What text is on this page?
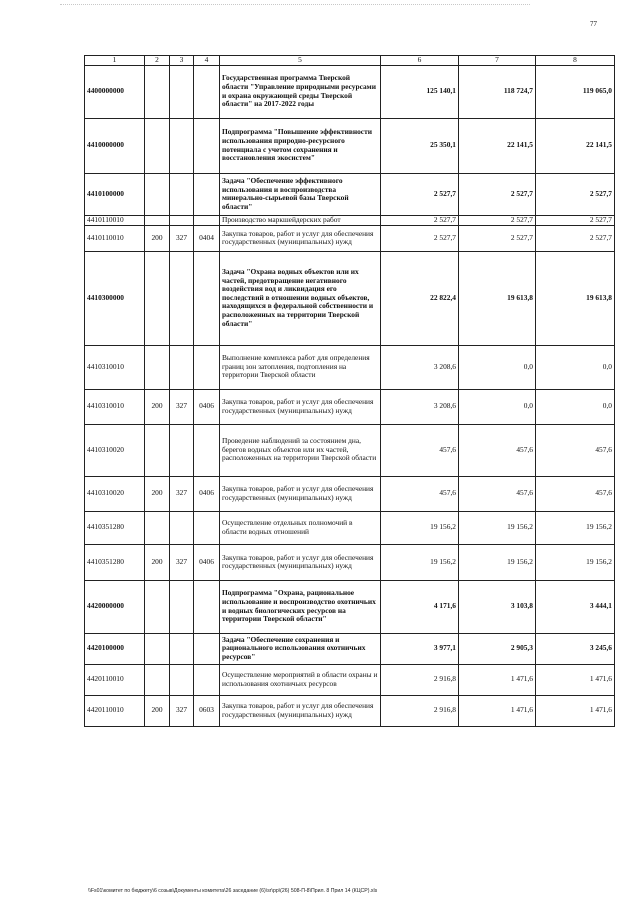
77
1	2	3	4	5	6	7	8
4400000000				Государственная программа Тверской области "Управление природными ресурсами и охрана окружающей среды Тверской области" на 2017-2022 годы	125 140,1	118 724,7	119 065,0
4410000000				Подпрограмма "Повышение эффективности использования природно-ресурсного потенциала с учетом сохранения и восстановления экосистем"	25 350,1	22 141,5	22 141,5
4410100000				Задача "Обеспечение эффективного использования и воспроизводства минерально-сырьевой базы Тверской области"	2 527,7	2 527,7	2 527,7
4410110010				Производство маркшейдерских работ	2 527,7	2 527,7	2 527,7
4410110010	200	327	0404	Закупка товаров, работ и услуг для обеспечения государственных (муниципальных) нужд	2 527,7	2 527,7	2 527,7
4410300000				Задача "Охрана водных объектов или их частей, предотвращение негативного воздействия вод и ликвидация его последствий в отношении водных объектов, находящихся в федеральной собственности и расположенных на территории Тверской области"	22 822,4	19 613,8	19 613,8
4410310010				Выполнение комплекса работ для определения границ зон затопления, подтопления на территории Тверской области	3 208,6	0,0	0,0
4410310010	200	327	0406	Закупка товаров, работ и услуг для обеспечения государственных (муниципальных) нужд	3 208,6	0,0	0,0
4410310020				Проведение наблюдений за состоянием дна, берегов водных объектов или их частей, расположенных на территории Тверской области	457,6	457,6	457,6
4410310020	200	327	0406	Закупка товаров, работ и услуг для обеспечения государственных (муниципальных) нужд	457,6	457,6	457,6
4410351280				Осуществление отдельных полномочий в области водных отношений	19 156,2	19 156,2	19 156,2
4410351280	200	327	0406	Закупка товаров, работ и услуг для обеспечения государственных (муниципальных) нужд	19 156,2	19 156,2	19 156,2
4420000000				Подпрограмма "Охрана, рациональное использование и воспроизводство охотничьих и водных биологических ресурсов на территории Тверской области"	4 171,6	3 103,8	3 444,1
4420100000				Задача "Обеспечение сохранения и рационального использования охотничьих ресурсов"	3 977,1	2 905,3	3 245,6
4420110010				Осуществление мероприятий в области охраны и использования охотничьих ресурсов	2 916,8	1 471,6	1 471,6
4420110010	200	327	0603	Закупка товаров, работ и услуг для обеспечения государственных (муниципальных) нужд	2 916,8	1 471,6	1 471,6
\\Fs01\комитет по бюджету\6 созыв\Документы комитета\26 заседание (6)\sr\рр\(26) 508-П-8\Прил. 8 Прил 14 (КЦСР).xls
